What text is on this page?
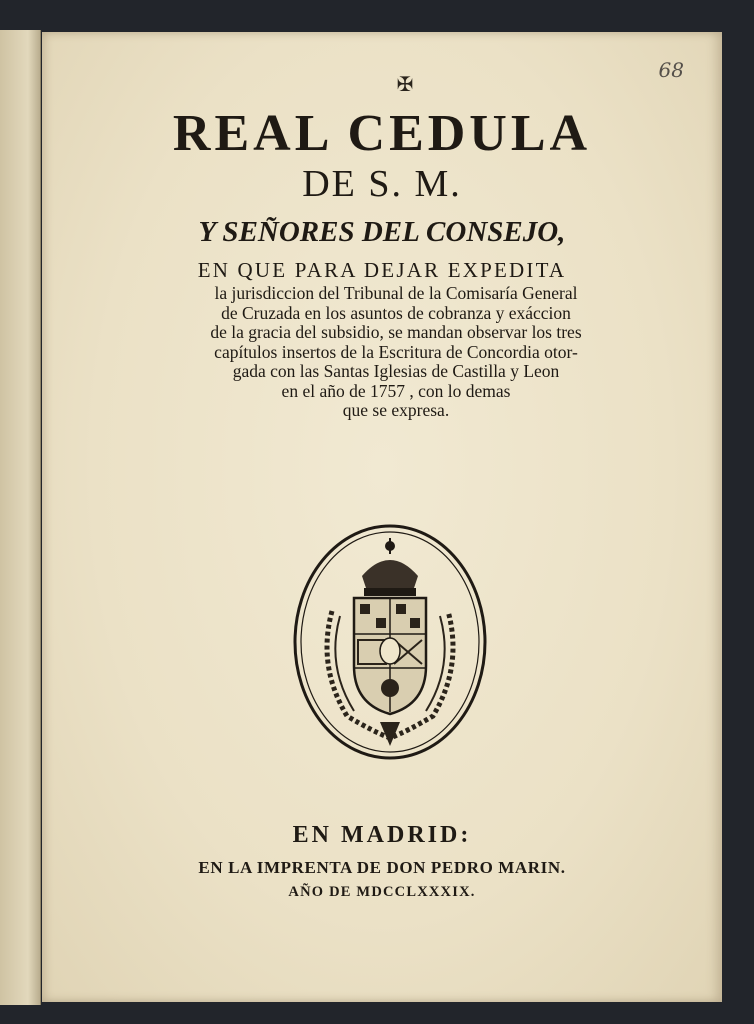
68
✠
REAL CEDULA
DE S. M.
Y SEÑORES DEL CONSEJO,
EN QUE PARA DEJAR EXPEDITA
la jurisdiccion del Tribunal de la Comisaría General
de Cruzada en los asuntos de cobranza y exáccion
de la gracia del subsidio, se mandan observar los tres
capítulos insertos de la Escritura de Concordia otor-
gada con las Santas Iglesias de Castilla y Leon
en el año de 1757 , con lo demas
que se expresa.
EN MADRID:
EN LA IMPRENTA DE DON PEDRO MARIN.
AÑO DE MDCCLXXXIX.
